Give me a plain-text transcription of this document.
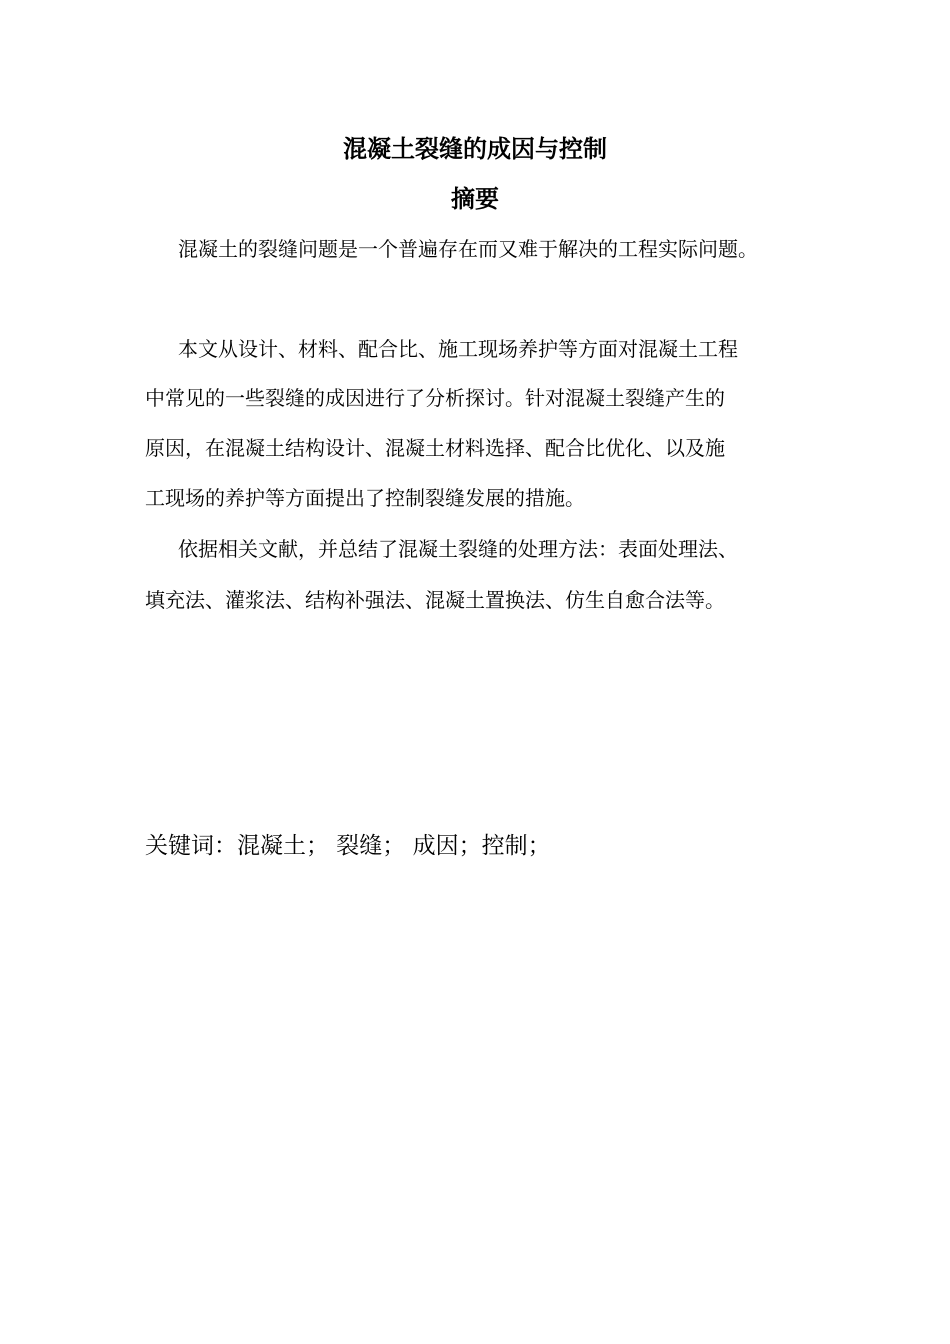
混凝土裂缝的成因与控制
摘要
混凝土的裂缝问题是一个普遍存在而又难于解决的工程实际问题。
本文从设计、材料、配合比、施工现场养护等方面对混凝土工程
中常见的一些裂缝的成因进行了分析探讨。针对混凝土裂缝产生的
原因，在混凝土结构设计、混凝土材料选择、配合比优化、以及施
工现场的养护等方面提出了控制裂缝发展的措施。
依据相关文献，并总结了混凝土裂缝的处理方法：表面处理法、
填充法、灌浆法、结构补强法、混凝土置换法、仿生自愈合法等。
关键词：混凝土； 裂缝； 成因；控制；
